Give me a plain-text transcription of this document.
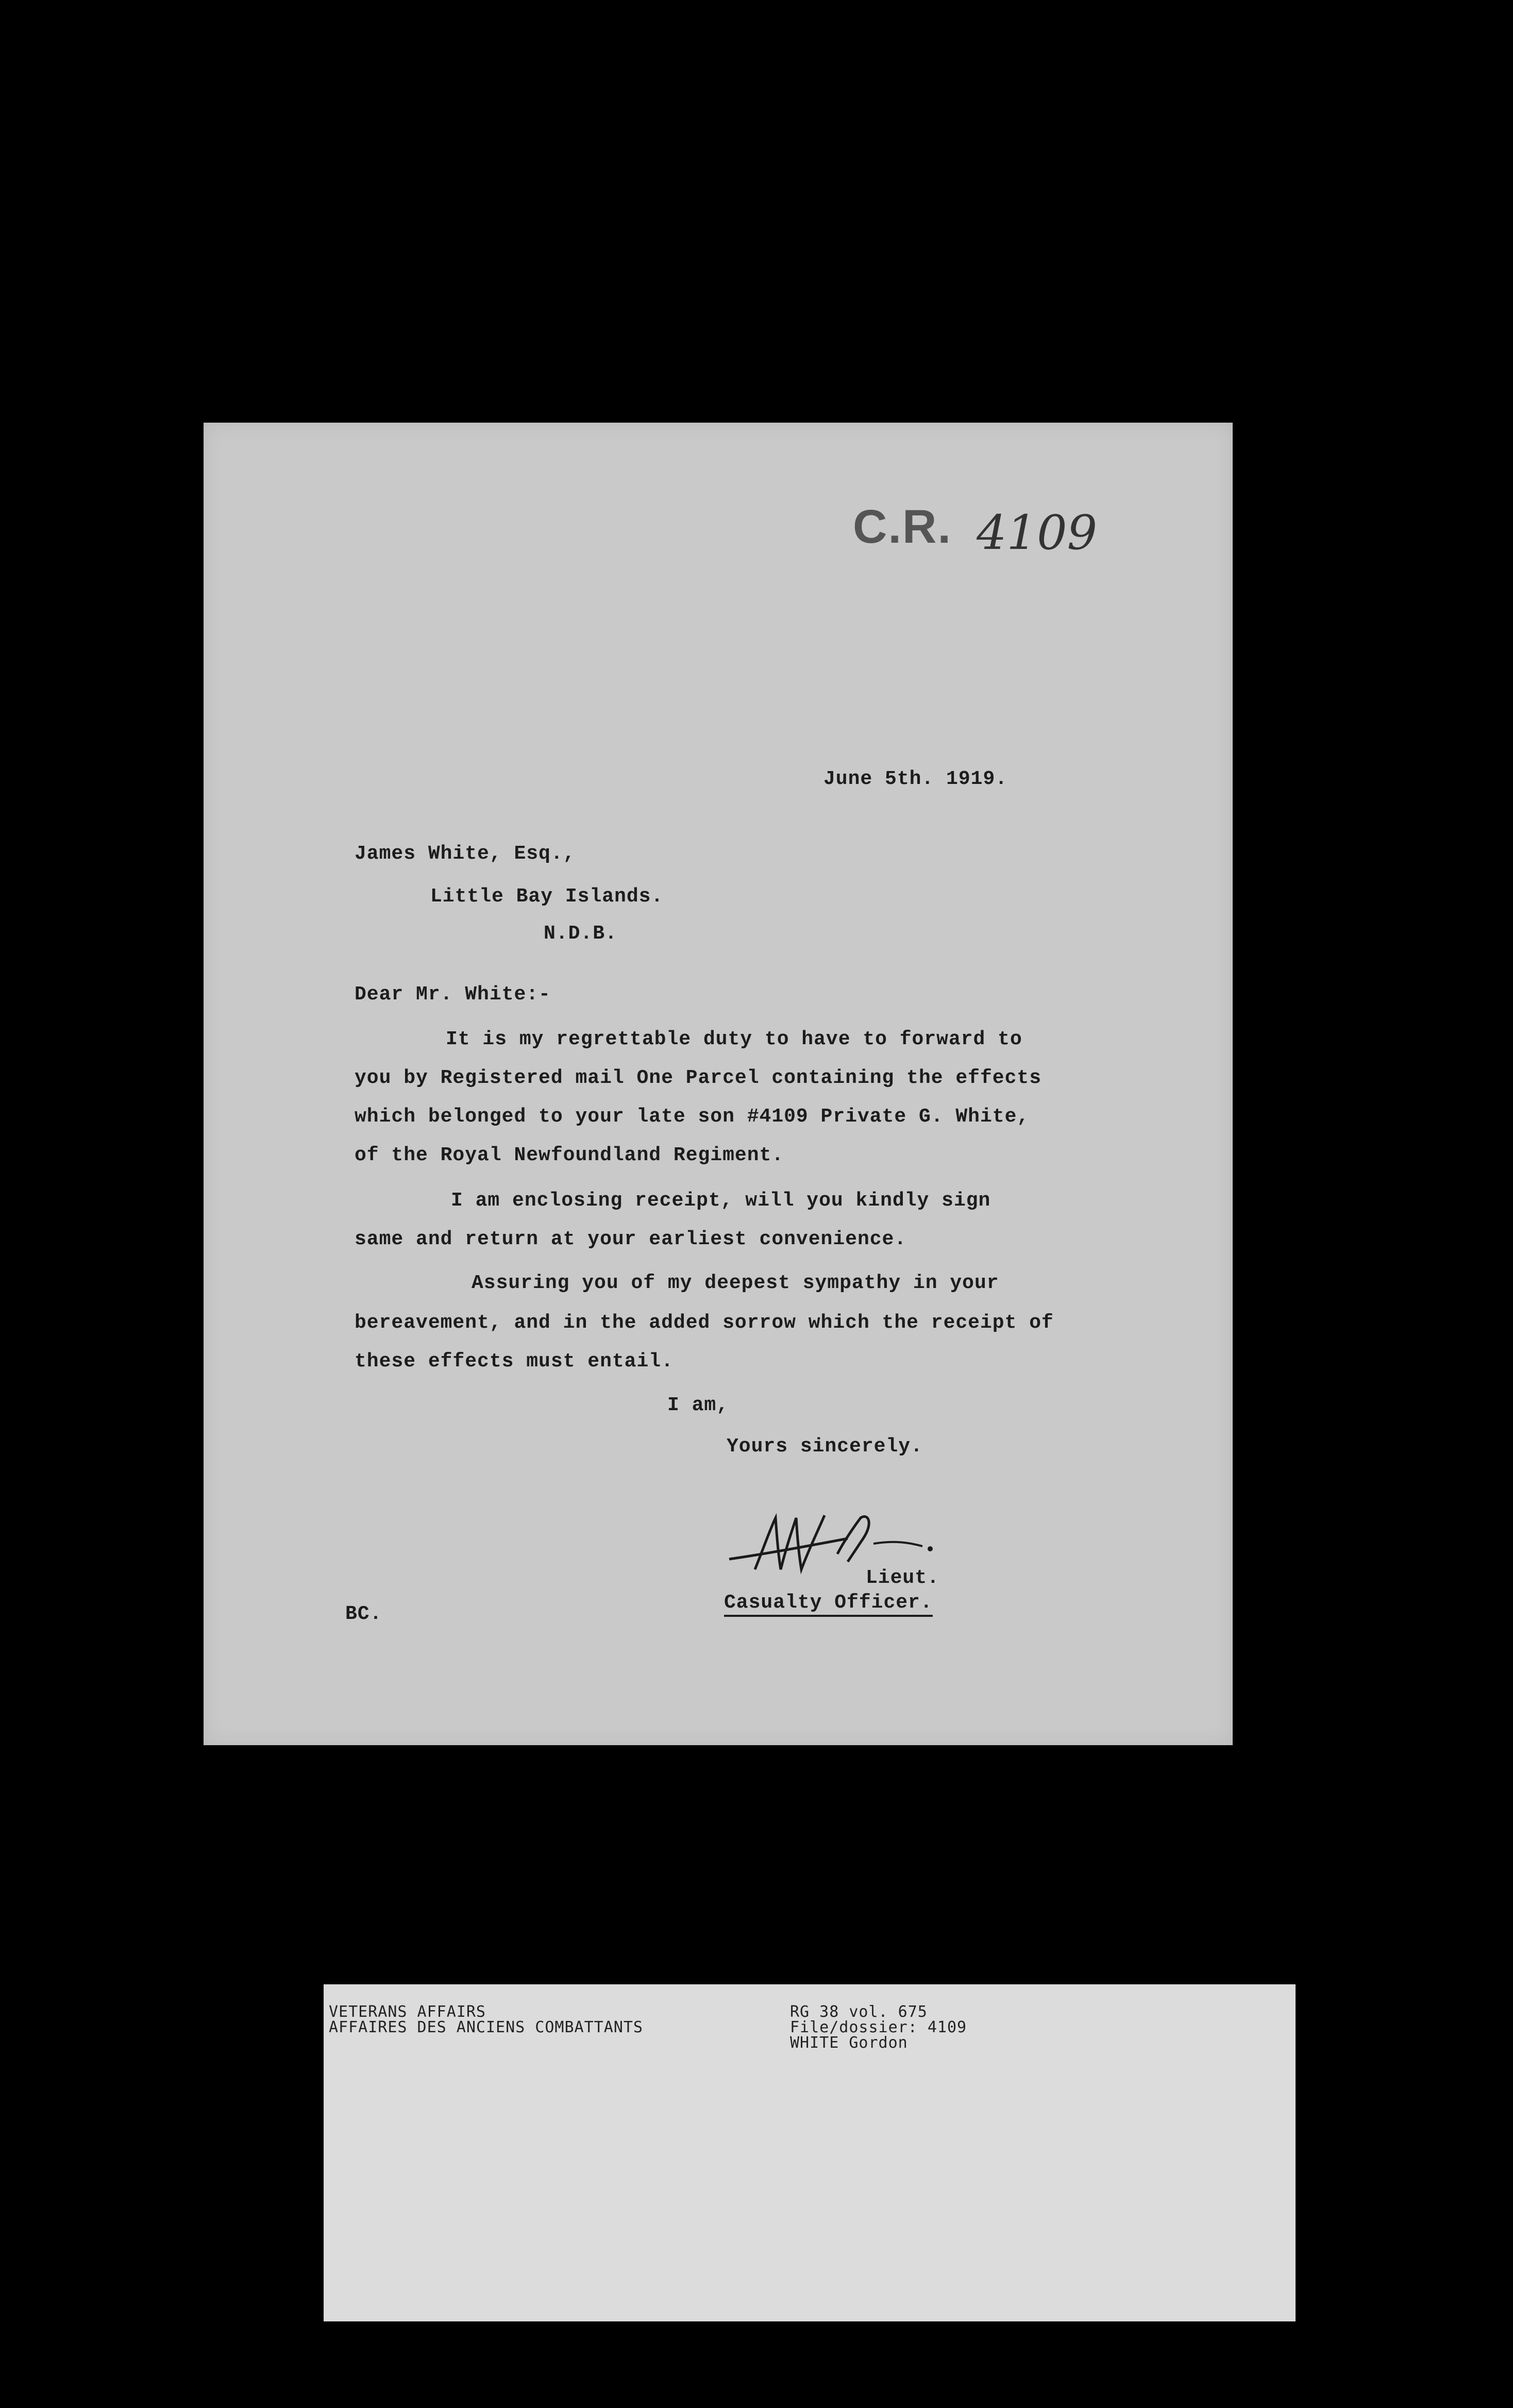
C.R. 4109
June 5th. 1919.
James White, Esq.,
Little Bay Islands.
N.D.B.
Dear Mr. White:-
It is my regrettable duty to have to forward to
you by Registered mail One Parcel containing the effects
which belonged to your late son #4109 Private G. White,
of the Royal Newfoundland Regiment.
I am enclosing receipt, will you kindly sign
same and return at your earliest convenience.
Assuring you of my deepest sympathy in your
bereavement, and in the added sorrow which the receipt of
these effects must entail.
I am,
Yours sincerely.
Lieut.
Casualty Officer.
BC.
VETERANS AFFAIRS
AFFAIRES DES ANCIENS COMBATTANTS
RG 38 vol. 675
File/dossier: 4109
WHITE Gordon
